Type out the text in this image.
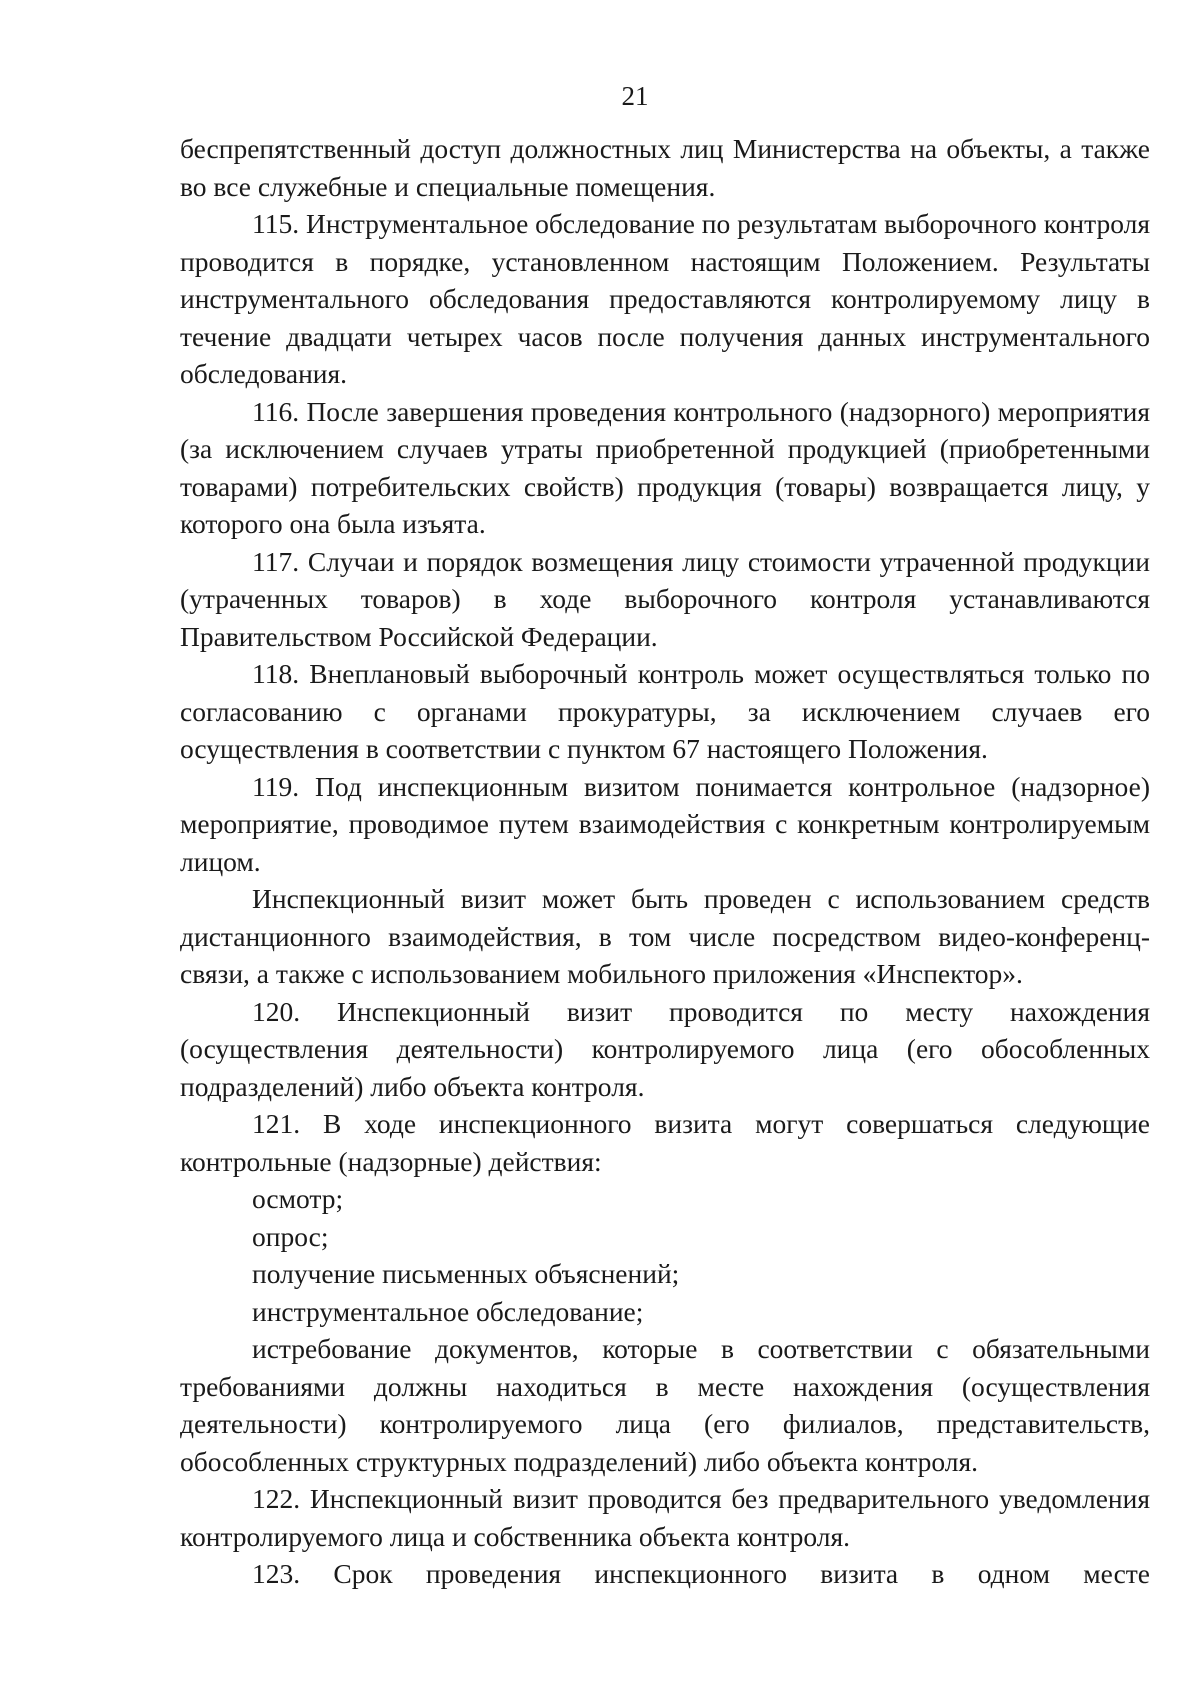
21

беспрепятственный доступ должностных лиц Министерства на объекты, а также во все служебные и специальные помещения.

115. Инструментальное обследование по результатам выборочного контроля проводится в порядке, установленном настоящим Положением. Результаты инструментального обследования предоставляются контролируемому лицу в течение двадцати четырех часов после получения данных инструментального обследования.

116. После завершения проведения контрольного (надзорного) мероприятия (за исключением случаев утраты приобретенной продукцией (приобретенными товарами) потребительских свойств) продукция (товары) возвращается лицу, у которого она была изъята.

117. Случаи и порядок возмещения лицу стоимости утраченной продукции (утраченных товаров) в ходе выборочного контроля устанавливаются Правительством Российской Федерации.

118. Внеплановый выборочный контроль может осуществляться только по согласованию с органами прокуратуры, за исключением случаев его осуществления в соответствии с пунктом 67 настоящего Положения.

119. Под инспекционным визитом понимается контрольное (надзорное) мероприятие, проводимое путем взаимодействия с конкретным контролируемым лицом.

Инспекционный визит может быть проведен с использованием средств дистанционного взаимодействия, в том числе посредством видео-конференц-связи, а также с использованием мобильного приложения «Инспектор».

120. Инспекционный визит проводится по месту нахождения (осуществления деятельности) контролируемого лица (его обособленных подразделений) либо объекта контроля.

121. В ходе инспекционного визита могут совершаться следующие контрольные (надзорные) действия:

осмотр;

опрос;

получение письменных объяснений;

инструментальное обследование;

истребование документов, которые в соответствии с обязательными требованиями должны находиться в месте нахождения (осуществления деятельности) контролируемого лица (его филиалов, представительств, обособленных структурных подразделений) либо объекта контроля.

122. Инспекционный визит проводится без предварительного уведомления контролируемого лица и собственника объекта контроля.

123. Срок проведения инспекционного визита в одном месте
